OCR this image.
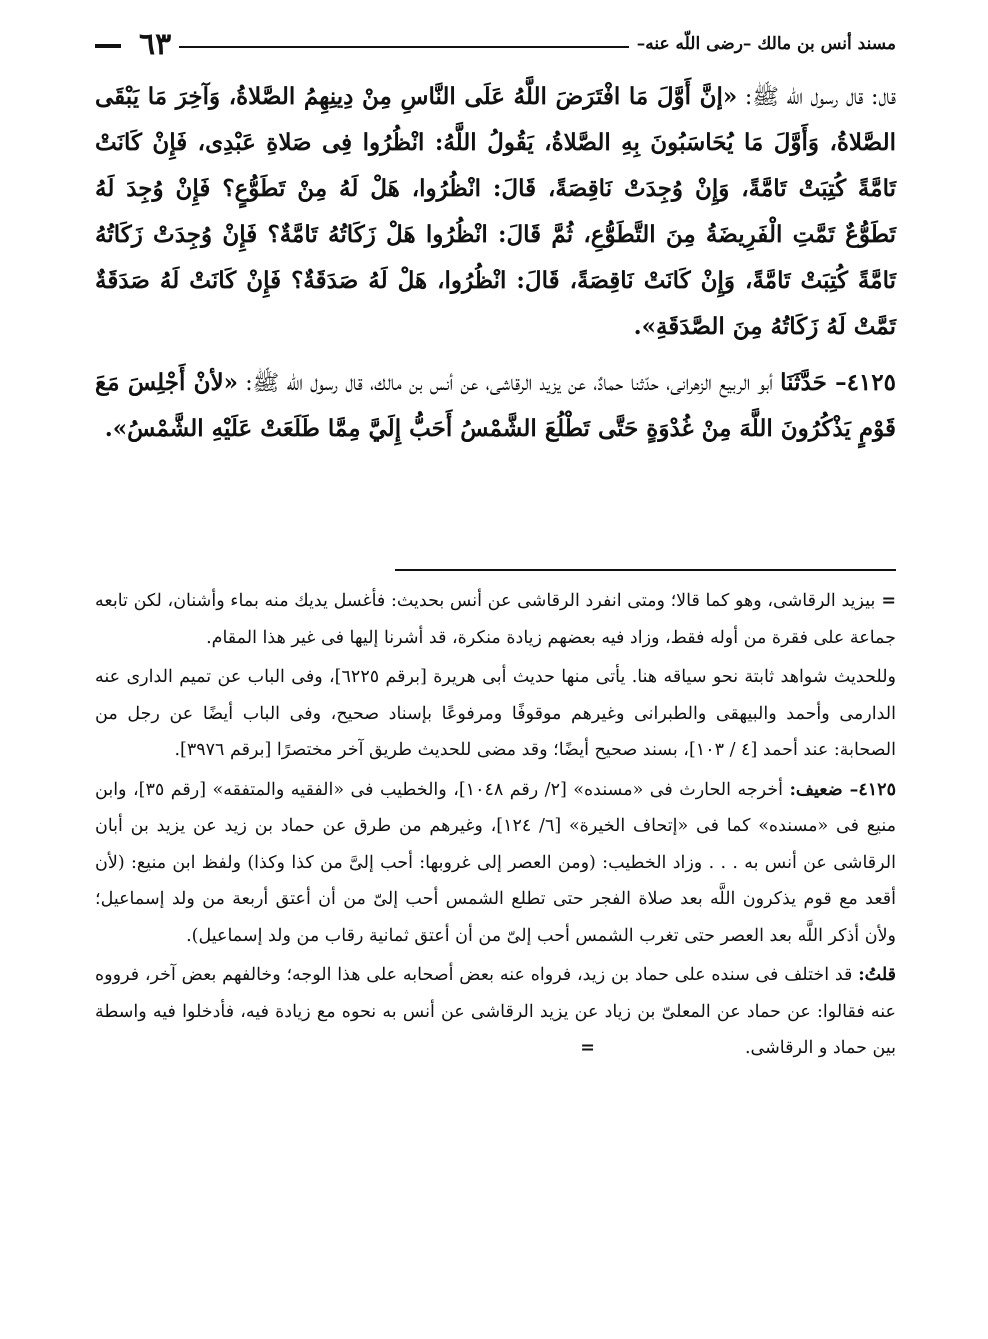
مسند أنس بن مالك –رضى اللّه عنه–
٦٣

قال: قال رسول اللّه ﷺ: «إنَّ أَوَّلَ مَا افْتَرَضَ اللَّهُ عَلَى النَّاسِ مِنْ دِينِهِمُ الصَّلاةُ، وَآخِرَ مَا يَبْقَى الصَّلاةُ، وَأَوَّلَ مَا يُحَاسَبُونَ بِهِ الصَّلاةُ، يَقُولُ اللَّهُ: انْظُرُوا فِى صَلاةِ عَبْدِى، فَإِنْ كَانَتْ تَامَّةً كُتِبَتْ تَامَّةً، وَإِنْ وُجِدَتْ نَاقِصَةً، قَالَ: انْظُرُوا، هَلْ لَهُ مِنْ تَطَوُّعٍ؟ فَإِنْ وُجِدَ لَهُ تَطَوُّعٌ تَمَّتِ الْفَرِيضَةُ مِنَ التَّطَوُّعِ، ثُمَّ قَالَ: انْظُرُوا هَلْ زَكَاتُهُ تَامَّةٌ؟ فَإِنْ وُجِدَتْ زَكَاتُهُ تَامَّةً كُتِبَتْ تَامَّةً، وَإِنْ كَانَتْ نَاقِصَةً، قَالَ: انْظُرُوا، هَلْ لَهُ صَدَقَةٌ؟ فَإِنْ كَانَتْ لَهُ صَدَقَةٌ تَمَّتْ لَهُ زَكَاتُهُ مِنَ الصَّدَقَةِ».

٤١٢٥– حَدَّثَنَا أبو الربيع الزهرانى، حدّثنا حمادٌ، عن يزيد الرقاشى، عن أنس بن مالك، قال رسول اللّه ﷺ: «لأنْ أَجْلِسَ مَعَ قَوْمٍ يَذْكُرُونَ اللَّهَ مِنْ غُدْوَةٍ حَتَّى تَطْلُعَ الشَّمْسُ أَحَبُّ إِلَيَّ مِمَّا طَلَعَتْ عَلَيْهِ الشَّمْسُ».

=بيزيد الرقاشى، وهو كما قالا؛ ومتى انفرد الرقاشى عن أنس بحديث: فأغسل يديك منه بماء وأشنان، لكن تابعه جماعة على فقرة من أوله فقط، وزاد فيه بعضهم زيادة منكرة، قد أشرنا إليها فى غير هذا المقام.

وللحديث شواهد ثابتة نحو سياقه هنا. يأتى منها حديث أبى هريرة [برقم ٦٢٢٥]، وفى الباب عن تميم الدارى عنه الدارمى وأحمد والبيهقى والطبرانى وغيرهم موقوفًا ومرفوعًا بإسناد صحيح، وفى الباب أيضًا عن رجل من الصحابة: عند أحمد [٤ / ١٠٣]، بسند صحيح أيضًا؛ وقد مضى للحديث طريق آخر مختصرًا [برقم ٣٩٧٦].

٤١٢٥– ضعيف: أخرجه الحارث فى «مسنده» [٢/ رقم ١٠٤٨]، والخطيب فى «الفقيه والمتفقه» [رقم ٣٥]، وابن منيع فى «مسنده» كما فى «إتحاف الخيرة» [٦/ ١٢٤]، وغيرهم من طرق عن حماد بن زيد عن يزيد بن أبان الرقاشى عن أنس به . . . وزاد الخطيب: (ومن العصر إلى غروبها: أحب إلىَّ من كذا وكذا) ولفظ ابن منيع: (لأن أقعد مع قوم يذكرون اللَّه بعد صلاة الفجر حتى تطلع الشمس أحب إلىّ من أن أعتق أربعة من ولد إسماعيل؛ ولأن أذكر اللَّه بعد العصر حتى تغرب الشمس أحب إلىّ من أن أعتق ثمانية رقاب من ولد إسماعيل).

قلتُ: قد اختلف فى سنده على حماد بن زيد، فرواه عنه بعض أصحابه على هذا الوجه؛ وخالفهم بعض آخر، فرووه عنه فقالوا: عن حماد عن المعلىّ بن زياد عن يزيد الرقاشى عن أنس به نحوه مع زيادة فيه، فأدخلوا فيه واسطة بين حماد و الرقاشى.=
